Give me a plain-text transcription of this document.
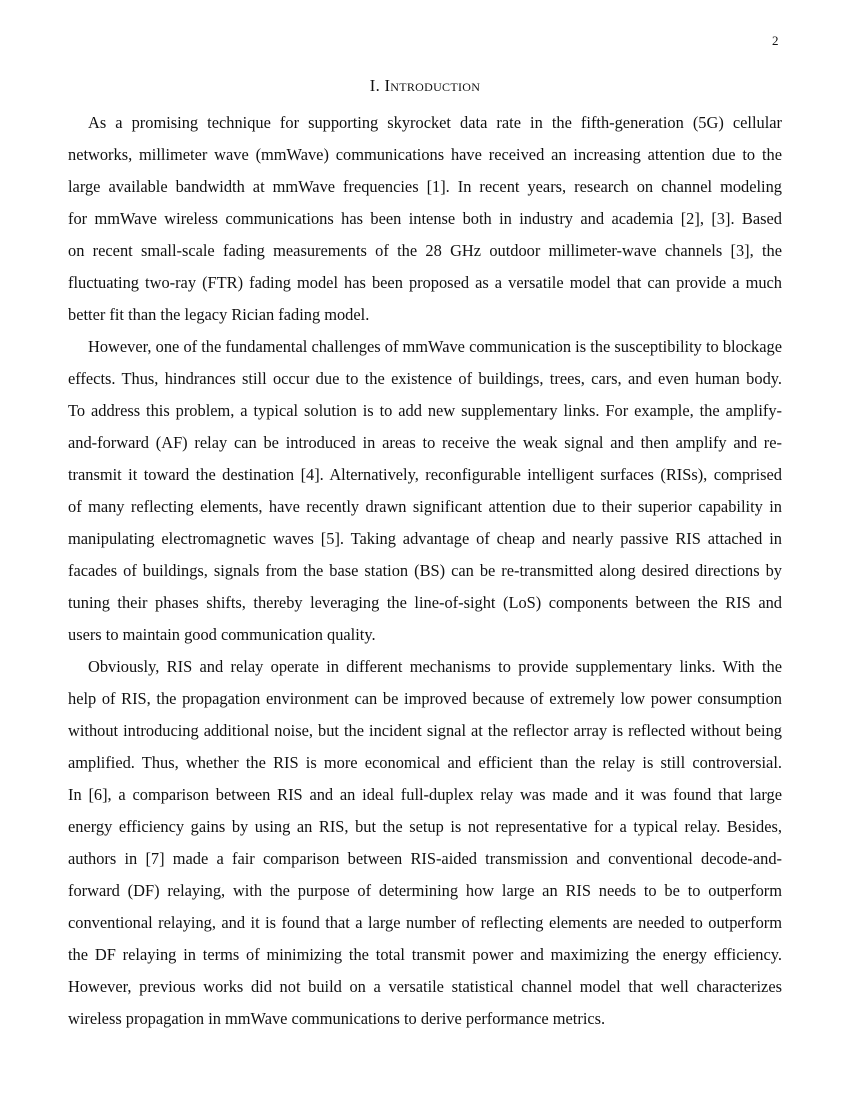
2
I. Introduction
As a promising technique for supporting skyrocket data rate in the fifth-generation (5G) cellular
networks, millimeter wave (mmWave) communications have received an increasing attention due to the
large available bandwidth at mmWave frequencies [1]. In recent years, research on channel modeling
for mmWave wireless communications has been intense both in industry and academia [2], [3]. Based
on recent small-scale fading measurements of the 28 GHz outdoor millimeter-wave channels [3], the
fluctuating two-ray (FTR) fading model has been proposed as a versatile model that can provide a much
better fit than the legacy Rician fading model.
However, one of the fundamental challenges of mmWave communication is the susceptibility to blockage
effects. Thus, hindrances still occur due to the existence of buildings, trees, cars, and even human body.
To address this problem, a typical solution is to add new supplementary links. For example, the amplify-
and-forward (AF) relay can be introduced in areas to receive the weak signal and then amplify and re-
transmit it toward the destination [4]. Alternatively, reconfigurable intelligent surfaces (RISs), comprised
of many reflecting elements, have recently drawn significant attention due to their superior capability in
manipulating electromagnetic waves [5]. Taking advantage of cheap and nearly passive RIS attached in
facades of buildings, signals from the base station (BS) can be re-transmitted along desired directions by
tuning their phases shifts, thereby leveraging the line-of-sight (LoS) components between the RIS and
users to maintain good communication quality.
Obviously, RIS and relay operate in different mechanisms to provide supplementary links. With the
help of RIS, the propagation environment can be improved because of extremely low power consumption
without introducing additional noise, but the incident signal at the reflector array is reflected without being
amplified. Thus, whether the RIS is more economical and efficient than the relay is still controversial.
In [6], a comparison between RIS and an ideal full-duplex relay was made and it was found that large
energy efficiency gains by using an RIS, but the setup is not representative for a typical relay. Besides,
authors in [7] made a fair comparison between RIS-aided transmission and conventional decode-and-
forward (DF) relaying, with the purpose of determining how large an RIS needs to be to outperform
conventional relaying, and it is found that a large number of reflecting elements are needed to outperform
the DF relaying in terms of minimizing the total transmit power and maximizing the energy efficiency.
However, previous works did not build on a versatile statistical channel model that well characterizes
wireless propagation in mmWave communications to derive performance metrics.
